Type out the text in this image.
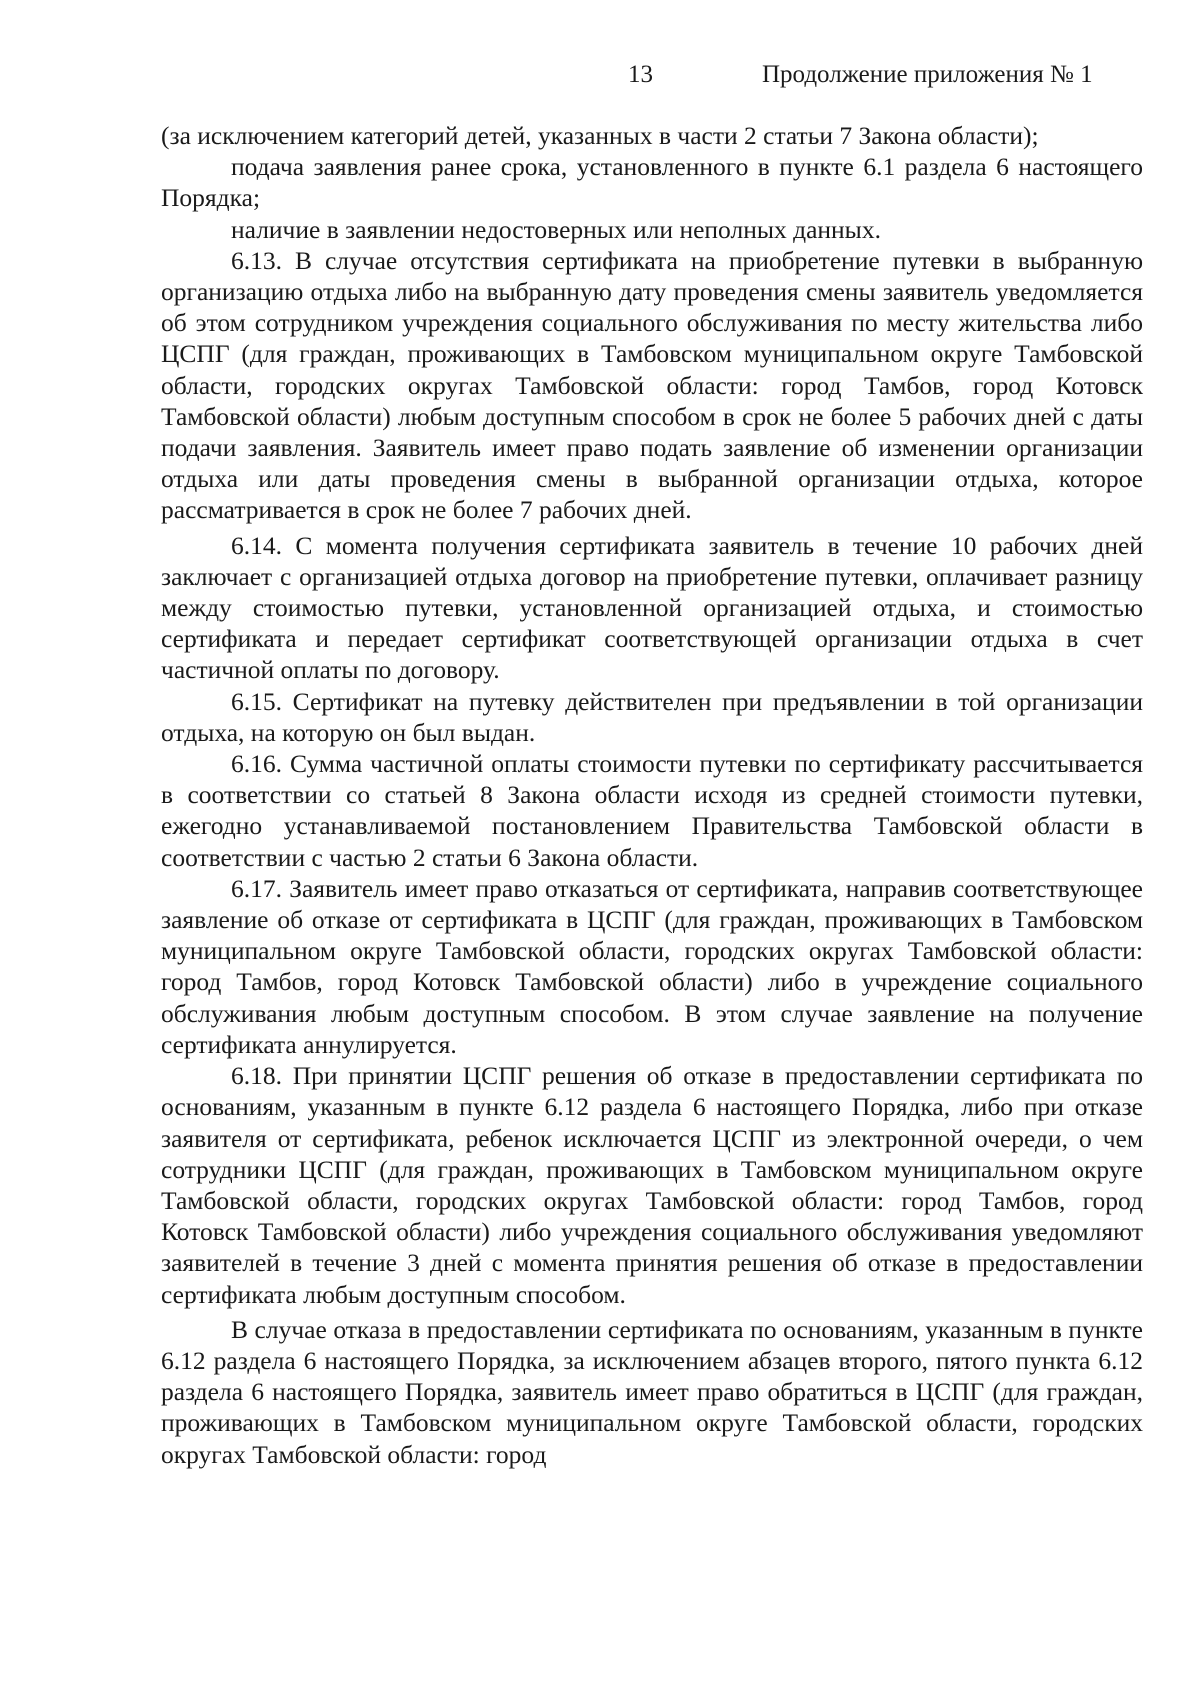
13	Продолжение приложения № 1

(за исключением категорий детей, указанных в части 2 статьи 7 Закона области);

подача заявления ранее срока, установленного в пункте 6.1 раздела 6 настоящего Порядка;

наличие в заявлении недостоверных или неполных данных.

6.13. В случае отсутствия сертификата на приобретение путевки в выбранную организацию отдыха либо на выбранную дату проведения смены заявитель уведомляется об этом сотрудником учреждения социального обслуживания по месту жительства либо ЦСПГ (для граждан, проживающих в Тамбовском муниципальном округе Тамбовской области, городских округах Тамбовской области: город Тамбов, город Котовск Тамбовской области) любым доступным способом в срок не более 5 рабочих дней с даты подачи заявления. Заявитель имеет право подать заявление об изменении организации отдыха или даты проведения смены в выбранной организации отдыха, которое рассматривается в срок не более 7 рабочих дней.

6.14. С момента получения сертификата заявитель в течение 10 рабочих дней заключает с организацией отдыха договор на приобретение путевки, оплачивает разницу между стоимостью путевки, установленной организацией отдыха, и стоимостью сертификата и передает сертификат соответствующей организации отдыха в счет частичной оплаты по договору.

6.15. Сертификат на путевку действителен при предъявлении в той организации отдыха, на которую он был выдан.

6.16. Сумма частичной оплаты стоимости путевки по сертификату рассчитывается в соответствии со статьей 8 Закона области исходя из средней стоимости путевки, ежегодно устанавливаемой постановлением Правительства Тамбовской области в соответствии с частью 2 статьи 6 Закона области.

6.17. Заявитель имеет право отказаться от сертификата, направив соответствующее заявление об отказе от сертификата в ЦСПГ (для граждан, проживающих в Тамбовском муниципальном округе Тамбовской области, городских округах Тамбовской области: город Тамбов, город Котовск Тамбовской области) либо в учреждение социального обслуживания любым доступным способом. В этом случае заявление на получение сертификата аннулируется.

6.18. При принятии ЦСПГ решения об отказе в предоставлении сертификата по основаниям, указанным в пункте 6.12 раздела 6 настоящего Порядка, либо при отказе заявителя от сертификата, ребенок исключается ЦСПГ из электронной очереди, о чем сотрудники ЦСПГ (для граждан, проживающих в Тамбовском муниципальном округе Тамбовской области, городских округах Тамбовской области: город Тамбов, город Котовск Тамбовской области) либо учреждения социального обслуживания уведомляют заявителей в течение 3 дней с момента принятия решения об отказе в предоставлении сертификата любым доступным способом.

В случае отказа в предоставлении сертификата по основаниям, указанным в пункте 6.12 раздела 6 настоящего Порядка, за исключением абзацев второго, пятого пункта 6.12 раздела 6 настоящего Порядка, заявитель имеет право обратиться в ЦСПГ (для граждан, проживающих в Тамбовском муниципальном округе Тамбовской области, городских округах Тамбовской области: город
